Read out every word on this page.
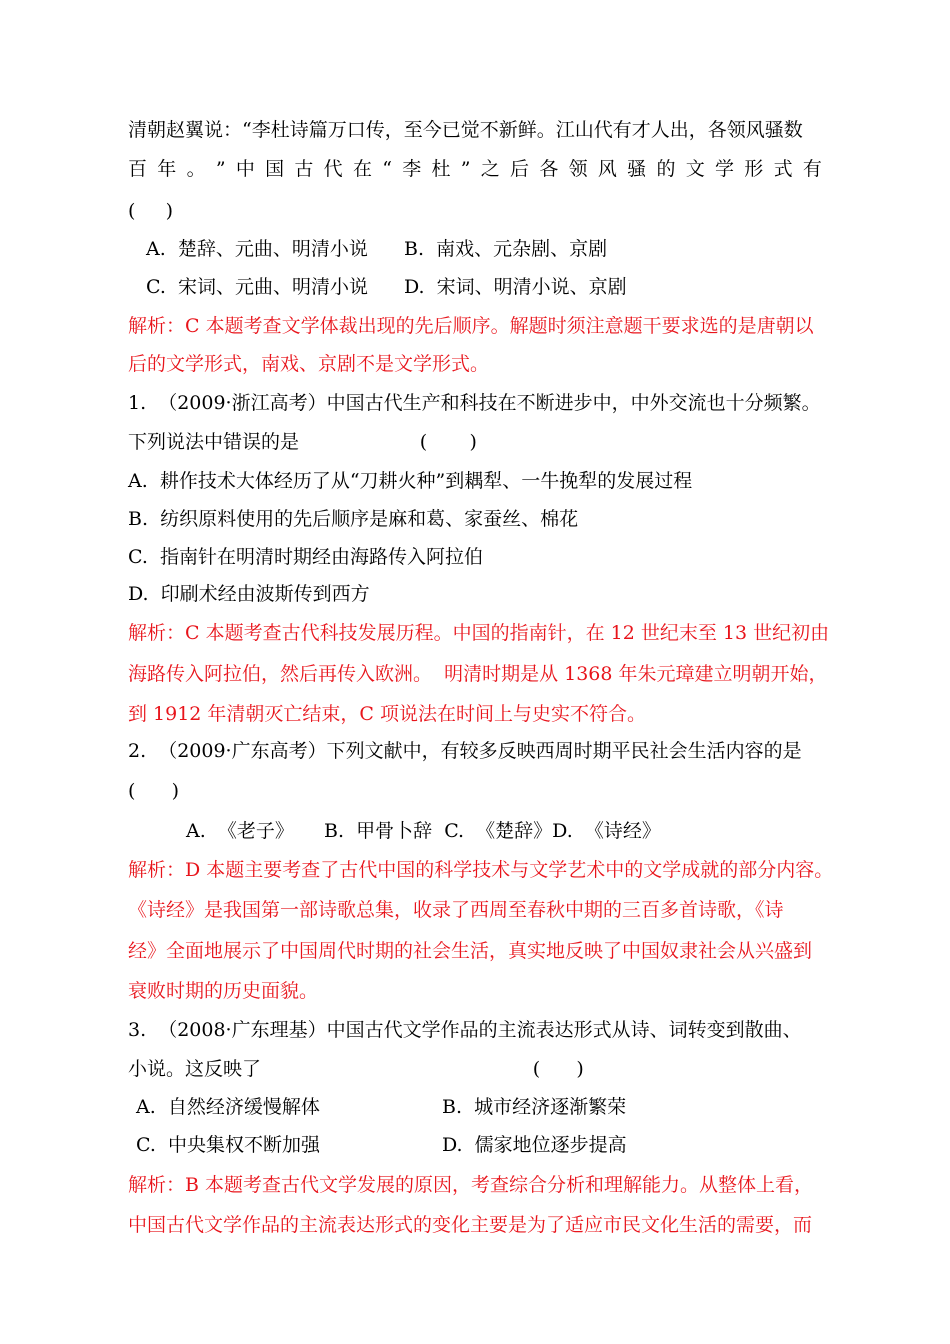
清朝赵翼说：“李杜诗篇万口传，至今已觉不新鲜。江山代有才人出，各领风骚数
百 年 。 ” 中 国 古 代 在 “ 李 杜 ” 之 后 各 领 风 骚 的 文 学 形 式 有
(     )
A.  楚辞、元曲、明清小说 B.  南戏、元杂剧、京剧
C.  宋词、元曲、明清小说 D.  宋词、明清小说、京剧
解析：C 本题考查文学体裁出现的先后顺序。解题时须注意题干要求选的是唐朝以
后的文学形式，南戏、京剧不是文学形式。
1.  （2009·浙江高考）中国古代生产和科技在不断进步中，中外交流也十分频繁。
下列说法中错误的是                    (       )
A.  耕作技术大体经历了从“刀耕火种”到耦犁、一牛挽犁的发展过程
B.  纺织原料使用的先后顺序是麻和葛、家蚕丝、棉花
C.  指南针在明清时期经由海路传入阿拉伯
D.  印刷术经由波斯传到西方
解析：C 本题考查古代科技发展历程。中国的指南针，在 12 世纪末至 13 世纪初由
海路传入阿拉伯，然后再传入欧洲。  明清时期是从 1368 年朱元璋建立明朝开始，
到 1912 年清朝灭亡结束，C 项说法在时间上与史实不符合。
2.  （2009·广东高考）下列文献中，有较多反映西周时期平民社会生活内容的是
(      )
A.  《老子》     B.  甲骨卜辞  C.  《楚辞》D.  《诗经》
解析：D 本题主要考查了古代中国的科学技术与文学艺术中的文学成就的部分内容。
《诗经》是我国第一部诗歌总集，收录了西周至春秋中期的三百多首诗歌，《诗
经》全面地展示了中国周代时期的社会生活，真实地反映了中国奴隶社会从兴盛到
衰败时期的历史面貌。
3.  （2008·广东理基）中国古代文学作品的主流表达形式从诗、词转变到散曲、
小说。这反映了                                             (      )
A.  自然经济缓慢解体	B.  城市经济逐渐繁荣
C.  中央集权不断加强	D.  儒家地位逐步提高
解析：B 本题考查古代文学发展的原因，考查综合分析和理解能力。从整体上看，
中国古代文学作品的主流表达形式的变化主要是为了适应市民文化生活的需要，而
